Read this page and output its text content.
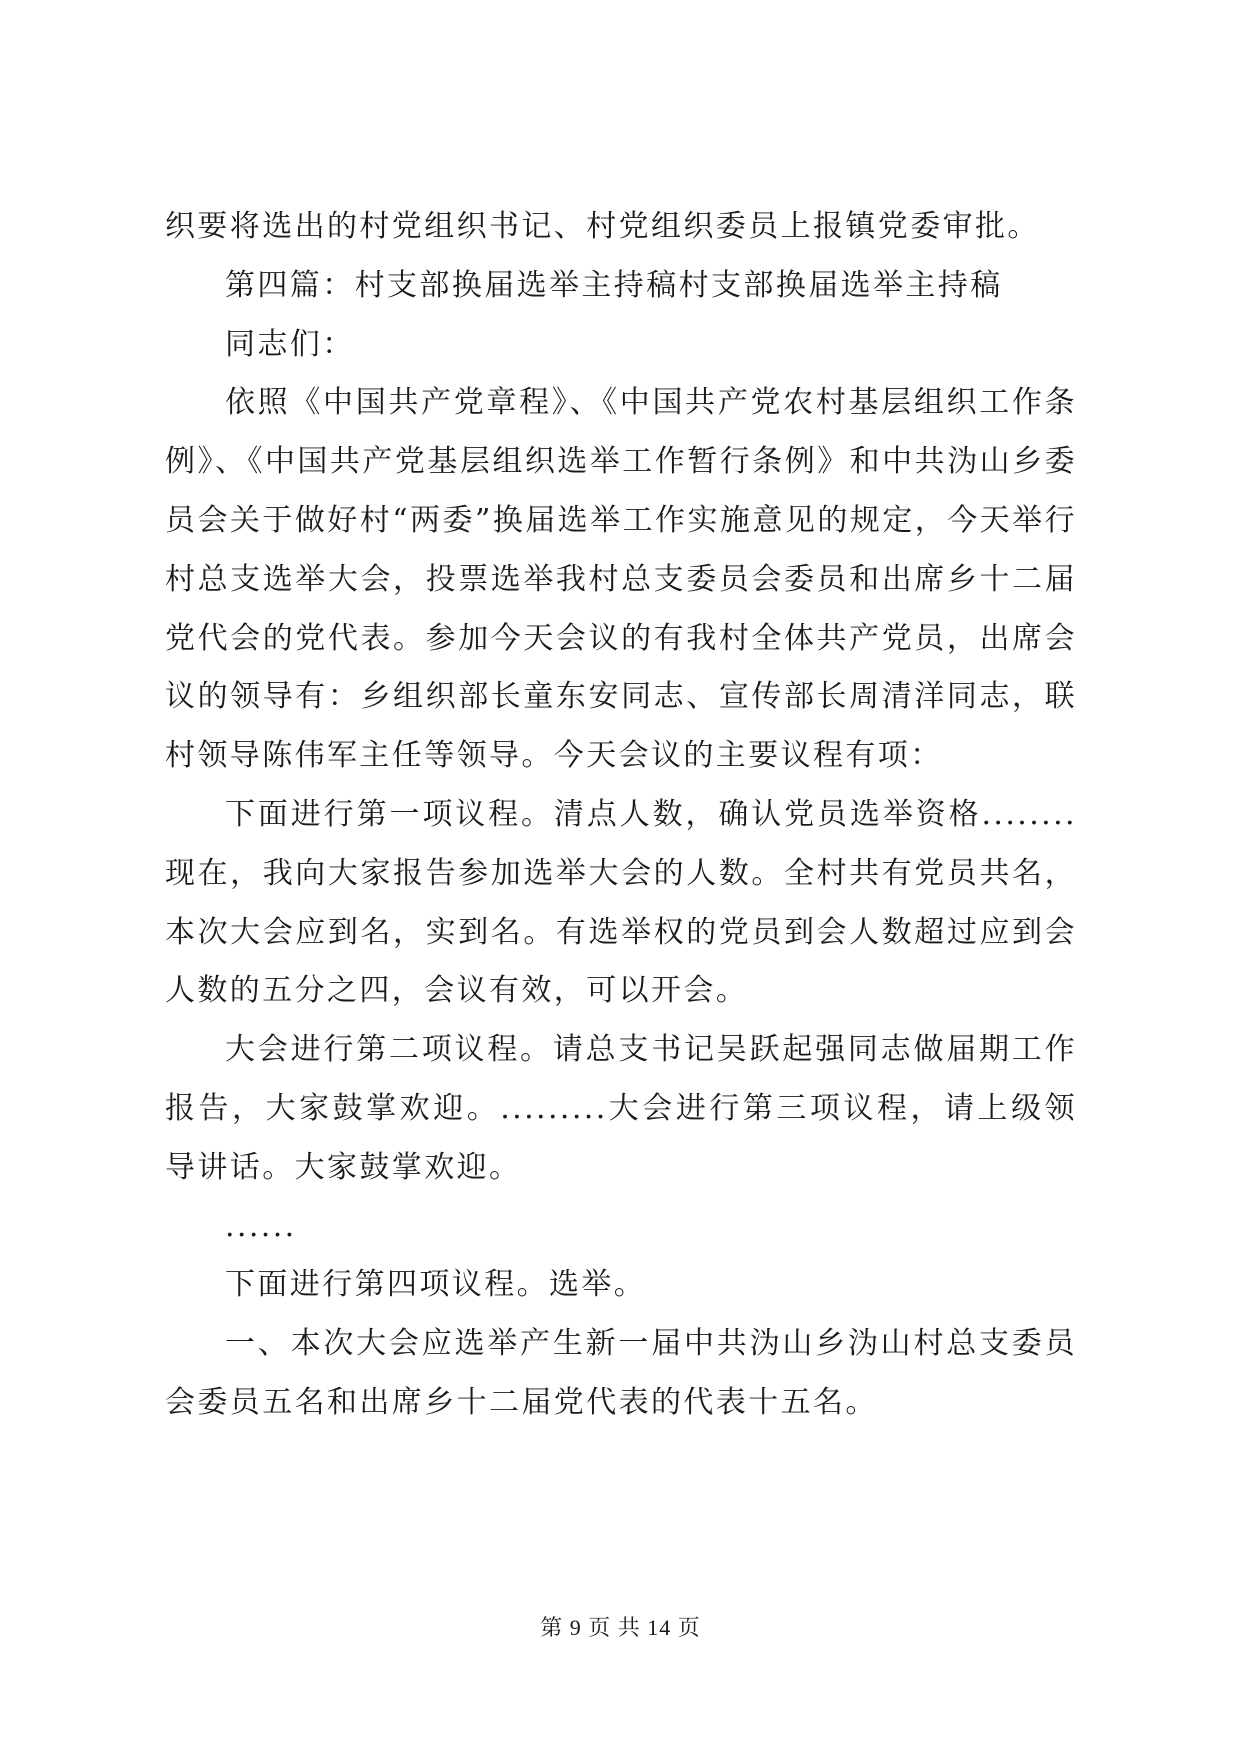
织要将选出的村党组织书记、村党组织委员上报镇党委审批。

第四篇：村支部换届选举主持稿村支部换届选举主持稿

同志们：

依照《中国共产党章程》、《中国共产党农村基层组织工作条例》、《中国共产党基层组织选举工作暂行条例》和中共沩山乡委员会关于做好村“两委”换届选举工作实施意见的规定，今天举行村总支选举大会，投票选举我村总支委员会委员和出席乡十二届党代会的党代表。参加今天会议的有我村全体共产党员，出席会议的领导有：乡组织部长童东安同志、宣传部长周清洋同志，联村领导陈伟军主任等领导。今天会议的主要议程有项：

下面进行第一项议程。清点人数，确认党员选举资格........现在，我向大家报告参加选举大会的人数。全村共有党员共名，本次大会应到名，实到名。有选举权的党员到会人数超过应到会人数的五分之四，会议有效，可以开会。

大会进行第二项议程。请总支书记吴跃起强同志做届期工作报告，大家鼓掌欢迎。.........大会进行第三项议程，请上级领导讲话。大家鼓掌欢迎。

......

下面进行第四项议程。选举。

一、本次大会应选举产生新一届中共沩山乡沩山村总支委员会委员五名和出席乡十二届党代表的代表十五名。

第 9 页 共 14 页
